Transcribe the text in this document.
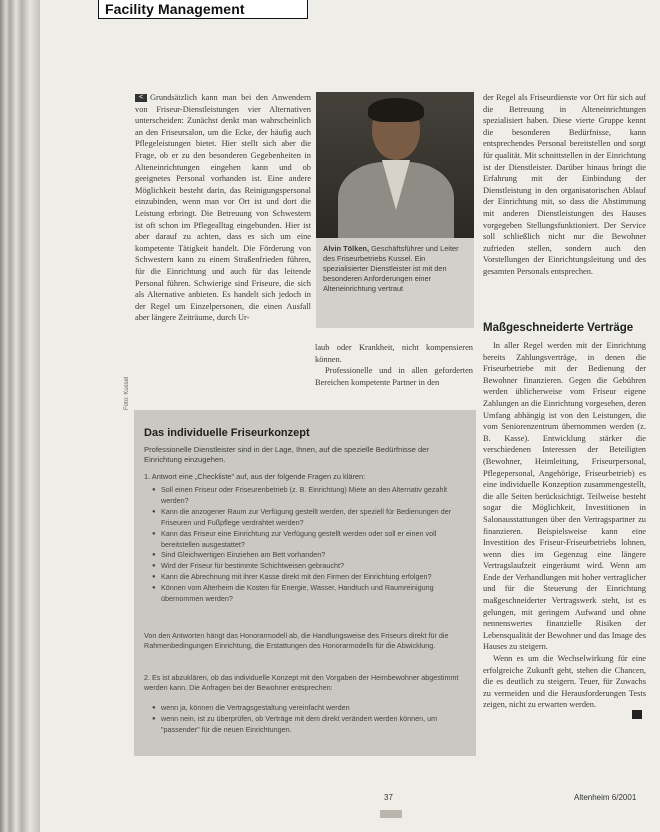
Facility Management
< Grundsätzlich kann man bei den Anwendern von Friseur-Dienstleistungen vier Alternativen unterscheiden: Zunächst denkt man wahrscheinlich an den Friseursalon, um die Ecke, der häufig auch Pflegeleistungen bietet. Hier stellt sich aber die Frage, ob er zu den besonderen Gegebenheiten in Alteneinrichtungen eingehen kann und ob geeignetes Personal vorhanden ist. Eine andere Möglichkeit besteht darin, das Reinigungspersonal einzubinden, wenn man vor Ort ist und dort die Leistung erbringt. Die Betreuung von Schwestern ist oft schon im Pflegealltag eingebunden. Hier ist aber darauf zu achten, dass es sich um eine kompetente Tätigkeit handelt. Die Förderung von Schwestern kann zu einem Straßenfrieden führen, für die Einrichtung und auch für das leitende Personal führen. Schwierige sind Friseure, die sich als Alternative anbieten. Es handelt sich jedoch in der Regel um Einzelpersonen, die einen Ausfall aber längere Zeiträume, durch Ur-

Alvin Tölken, Geschäftsführer und Leiter des Friseurbetriebs Kussel. Ein spezialisierter Dienstleister ist mit den besonderen Anforderungen einer Alteneinrichtung vertraut

laub oder Krankheit, nicht kompensieren können.
Professionelle und in allen geforderten Bereichen kompetente Partner in den
der Regel als Friseurdienste vor Ort für sich auf die Betreuung in Alteneinrichtungen spezialisiert haben. Diese vierte Gruppe kennt die besonderen Bedürfnisse, kann entsprechendes Personal bereitstellen und sorgt für qualität. Mit schnittstellen in der Einrichtung ist der Dienstleister. Darüber hinaus bringt die Erfahrung mit der Einbindung der Dienstleistung in den organisatorischen Ablauf der Einrichtung mit, so dass die Abstimmung mit anderen Dienstleistungen des Hauses vorgegeben Stellungsfunktioniert. Der Service soll schließlich nicht nur die Bewohner zufrieden stellen, sondern auch den Vorstellungen der Einrichtungsleitung und des gesamten Personals entsprechen.
Maßgeschneiderte Verträge
In aller Regel werden mit der Einrichtung bereits Zahlungsverträge, in denen die Friseurbetriebe mit der Bedienung der Bewohner finanzieren. Gegen die Gebühren werden üblicherweise vom Friseur eigene Zahlungen an die Einrichtung vorgesehen, deren Umfang abhängig ist von den Leistungen, die vom Seniorenzentrum übernommen werden (z. B. Kasse). Entwicklung stärker die verschiedenen Interessen der Beteiligten (Bewohner, Heimleitung, Friseurpersonal, Pflegepersonal, Angehörige, Friseurbetrieb) es eine individuelle Konzeption zusammengestellt, die alle Seiten berücksichtigt. Teilweise besteht sogar die Möglichkeit, Investitionen in Salonausstattungen über den Vertragspartner zu finanzieren. Beispielsweise kann eine Investition des Friseur-Friseurbetriebs lohnen, wenn dies im Gegenzug eine längere Vertragslaufzeit eingeräumt wird. Wenn am Ende der Verhandlungen mit hoher vertraglicher und für die Steuerung der Einrichtung maßgeschneiderter Vertragswerk steht, ist es gelungen, mit geringem Aufwand und ohne nennenswertes finanzielle Risiken der Lebensqualität der Bewohner und das Image des Hauses zu steigern.
Wenn es um die Wechselwirkung für eine erfolgreiche Zukunft geht, stehen die Chancen, die es deutlich zu steigern. Teuer, für Zuwachs zu vermeiden und die Herausforderungen Tests zeigen, nicht zu erwarten werden.
Foto: Kussel
Das individuelle Friseurkonzept
Professionelle Dienstleister sind in der Lage, Ihnen, auf die spezielle Bedürfnisse der Einrichtung einzugehen.
1. Antwort eine „Checkliste" auf, aus der folgende Fragen zu klären:
● Soll einen Friseur oder Friseurenbetrieb (z. B. Einrichtung) Miete an den Alternativ gezahlt werden?
● Kann die anzogener Raum zur Verfügung gestellt werden, der speziell für Bedienungen der Friseuren und Fußpflege verdrahtet werden?
● Kann das Friseur eine Einrichtung zur Verfügung gestellt werden oder soll er einen voll bereitstellen ausgestattet?
● Sind Gleichwertigen Einziehen am Bett vorhanden?
● Wird der Friseur für bestimmte Schichtweisen gebraucht?
● Kann die Abrechnung mit ihrer Kasse direkt mit den Firmen der Einrichtung erfolgen?
● Können vom Alterheim die Kosten für Energie, Wasser, Handtuch und Raumreinigung übernommen werden?
Von den Antworten hängt das Honorarmodell ab, die Handlungsweise des Friseurs direkt für die Rahmenbedingungen Einrichtung, die Erstattungen des Honorarmodells für die Abwicklung.
2. Es ist abzuklären, ob das individuelle Konzept mit den Vorgaben der Heimbewohner abgestimmt werden kann. Die Anfragen bei der Bewohner entsprechen:
● wenn ja, können die Vertragsgestaltung vereinfacht werden
● wenn nein, ist zu überprüfen, ob Verträge mit dem direkt verändert werden können, um "passender" für die neuen Einrichtungen.
37	Altenheim 6/2001
